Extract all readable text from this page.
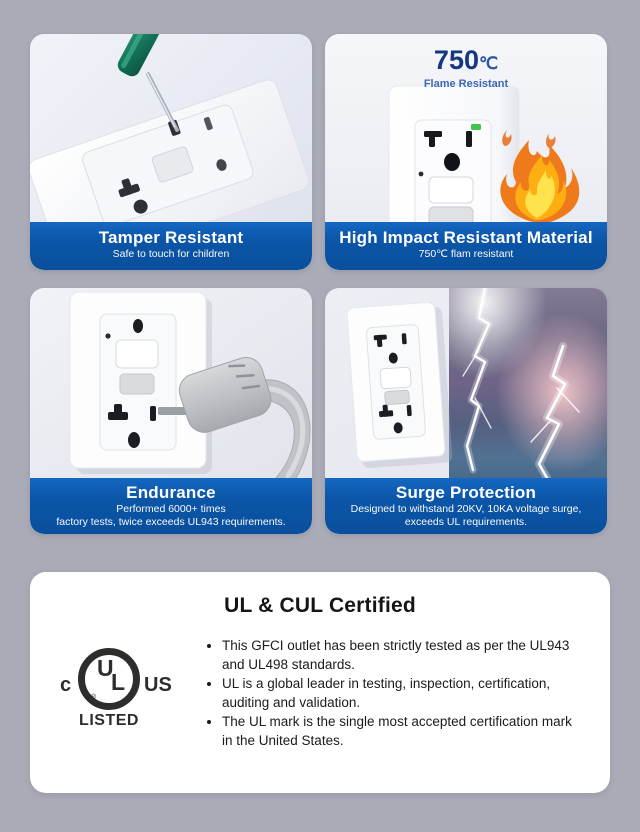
Tamper Resistant
Safe to touch for children
750℃
Flame Resistant
High Impact Resistant Material
750℃ flam resistant
Endurance
Performed 6000+ times
factory tests, twice exceeds UL943 requirements.
Surge Protection
Designed to withstand 20KV, 10KA voltage surge,
exceeds UL requirements.
UL & CUL Certified
c
U
L
®
US
LISTED
• This GFCI outlet has been strictly tested as per the UL943 and UL498 standards.
• UL is a global leader in testing, inspection, certification, auditing and validation.
• The UL mark is the single most accepted certification mark in the United States.
